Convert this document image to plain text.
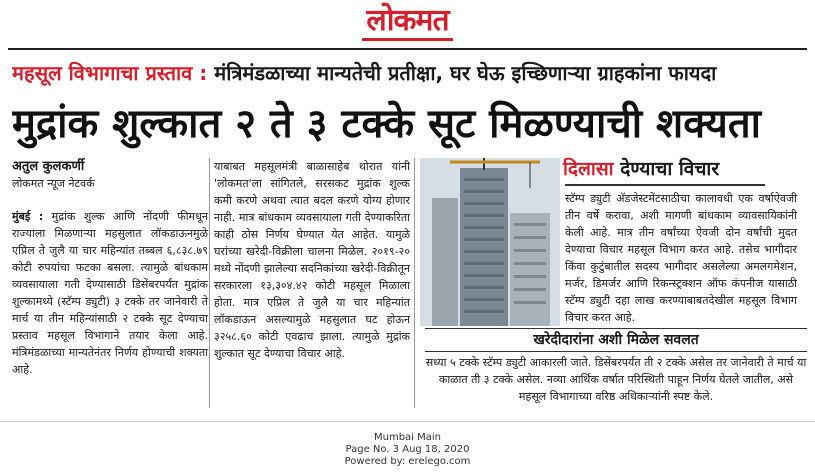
लोकमत
महसूल विभागाचा प्रस्ताव : मंत्रिमंडळाच्या मान्यतेची प्रतीक्षा, घर घेऊ इच्छिणाऱ्या ग्राहकांना फायदा
मुद्रांक शुल्कात २ ते ३ टक्के सूट मिळण्याची शक्यता
अतुल कुलकर्णी
लोकमत न्यूज नेटवर्क
मुंबई : मुद्रांक शुल्क आणि नोंदणी फीमधून राज्याला मिळणाऱ्या महसुलात लॉकडाऊनमुळे एप्रिल ते जुलै या चार महिन्यांत तब्बल ६,८३८.७९ कोटी रुपयांचा फटका बसला. त्यामुळे बांधकाम व्यवसायाला गती देण्यासाठी डिसेंबरपर्यंत मुद्रांक शुल्कामध्ये (स्टॅम्प ड्युटी) ३ टक्के तर जानेवारी ते मार्च या तीन महिन्यांसाठी २ टक्के सूट देण्याचा प्रस्ताव महसूल विभागाने तयार केला आहे. मंत्रिमंडळाच्या मान्यतेनंतर निर्णय होण्याची शक्यता आहे.
याबाबत महसूलमंत्री बाळासाहेब थोरात यांनी 'लोकमत'ला सांगितले, सरसकट मुद्रांक शुल्क कमी करणे अथवा त्यात बदल करणे योग्य होणार नाही. मात्र बांधकाम व्यवसायाला गती देण्याकरिता काही ठोस निर्णय घेण्यात येत आहेत. यामुळे घरांच्या खरेदी-विक्रीला चालना मिळेल. २०१९-२० मध्ये नोंदणी झालेल्या सदनिकांच्या खरेदी-विक्रीतून सरकारला १३,३०४.४२ कोटी महसूल मिळाला होता. मात्र एप्रिल ते जुलै या चार महिन्यांत लॉकडाऊन असल्यामुळे महसुलात घट होऊन ३२५८.६० कोटी एवढाच झाला. त्यामुळे मुद्रांक शुल्कात सूट देण्याचा विचार आहे.
दिलासा देण्याचा विचार
स्टॅम्प ड्युटी अ‍ॅडजेस्टमेंटसाठीचा कालावधी एक वर्षाऐवजी तीन वर्षे करावा, अशी मागणी बांधकाम व्यावसायिकांनी केली आहे. मात्र तीन वर्षांच्या ऐवजी दोन वर्षांची मुदत देण्याचा विचार महसूल विभाग करत आहे. तसेच भागीदार किंवा कुटुंबातील सदस्य भागीदार असलेल्या अमलगमेशन, मर्जर, डिमर्जर आणि रिकन्स्ट्रक्शन ऑफ कंपनीज यासाठी स्टॅम्प ड्युटी दहा लाख करण्याबाबतदेखील महसूल विभाग विचार करत आहे.
खरेदीदारांना अशी मिळेल सवलत
सध्या ५ टक्के स्टॅम्प ड्युटी आकारली जाते. डिसेंबरपर्यंत ती २ टक्के असेल तर जानेवारी ते मार्च या काळात ती ३ टक्के असेल. नव्या आर्थिक वर्षात परिस्थिती पाहून निर्णय घेतले जातील, असे महसूल विभागाच्या वरिष्ठ अधिकाऱ्यांनी स्पष्ट केले.
Mumbai Main
Page No. 3 Aug 18, 2020
Powered by: erelego.com
